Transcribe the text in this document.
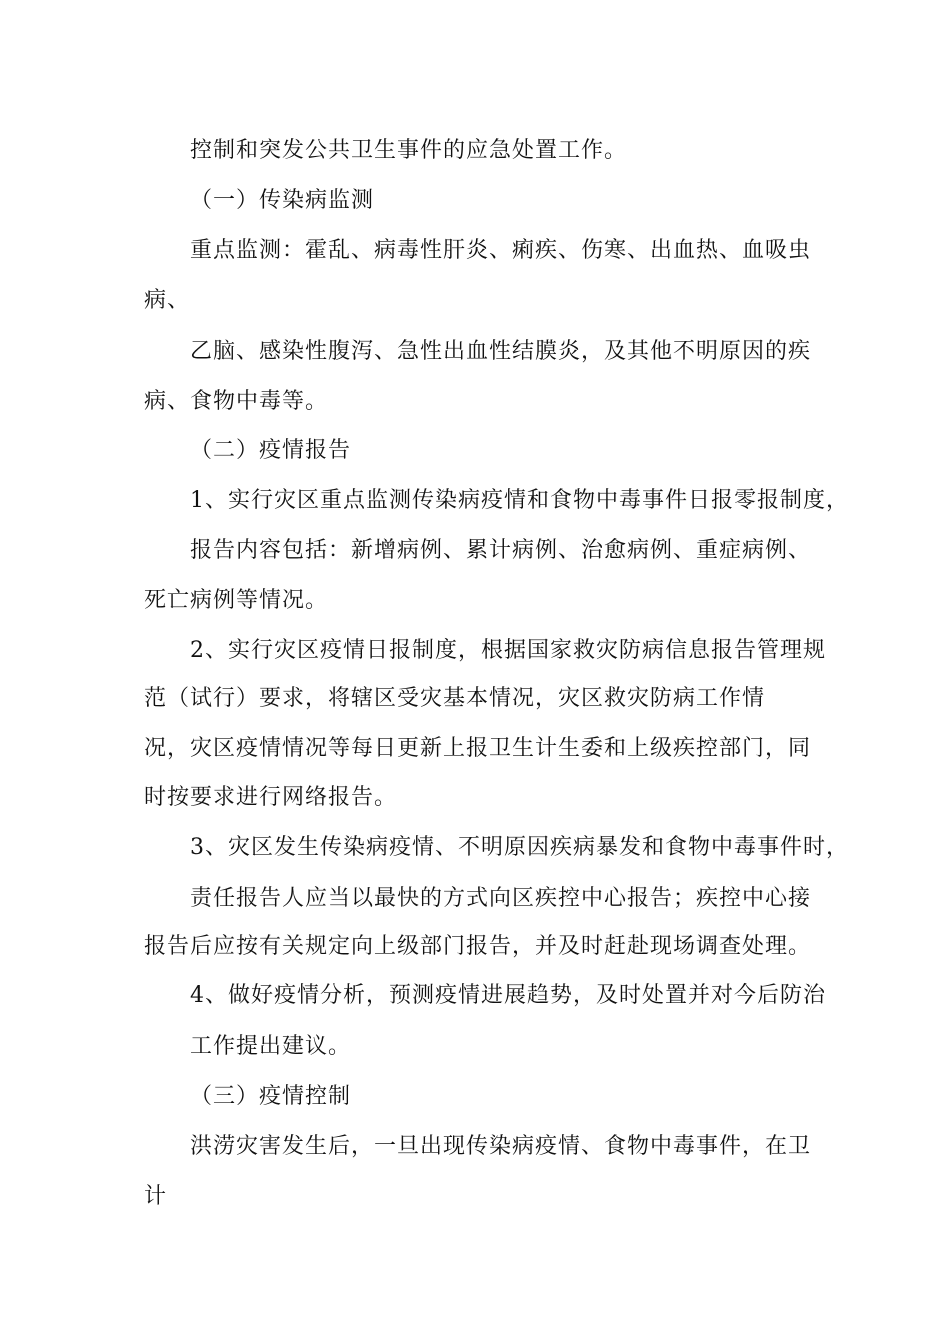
控制和突发公共卫生事件的应急处置工作。

（一）传染病监测

重点监测：霍乱、病毒性肝炎、痢疾、伤寒、出血热、血吸虫

病、

乙脑、感染性腹泻、急性出血性结膜炎，及其他不明原因的疾

病、食物中毒等。

（二）疫情报告

1、实行灾区重点监测传染病疫情和食物中毒事件日报零报制度，

报告内容包括：新增病例、累计病例、治愈病例、重症病例、

死亡病例等情况。

2、实行灾区疫情日报制度，根据国家救灾防病信息报告管理规

范（试行）要求，将辖区受灾基本情况，灾区救灾防病工作情

况，灾区疫情情况等每日更新上报卫生计生委和上级疾控部门，同

时按要求进行网络报告。

3、灾区发生传染病疫情、不明原因疾病暴发和食物中毒事件时，

责任报告人应当以最快的方式向区疾控中心报告；疾控中心接

报告后应按有关规定向上级部门报告，并及时赶赴现场调查处理。

4、做好疫情分析，预测疫情进展趋势，及时处置并对今后防治

工作提出建议。

（三）疫情控制

洪涝灾害发生后，一旦出现传染病疫情、食物中毒事件，在卫

计
